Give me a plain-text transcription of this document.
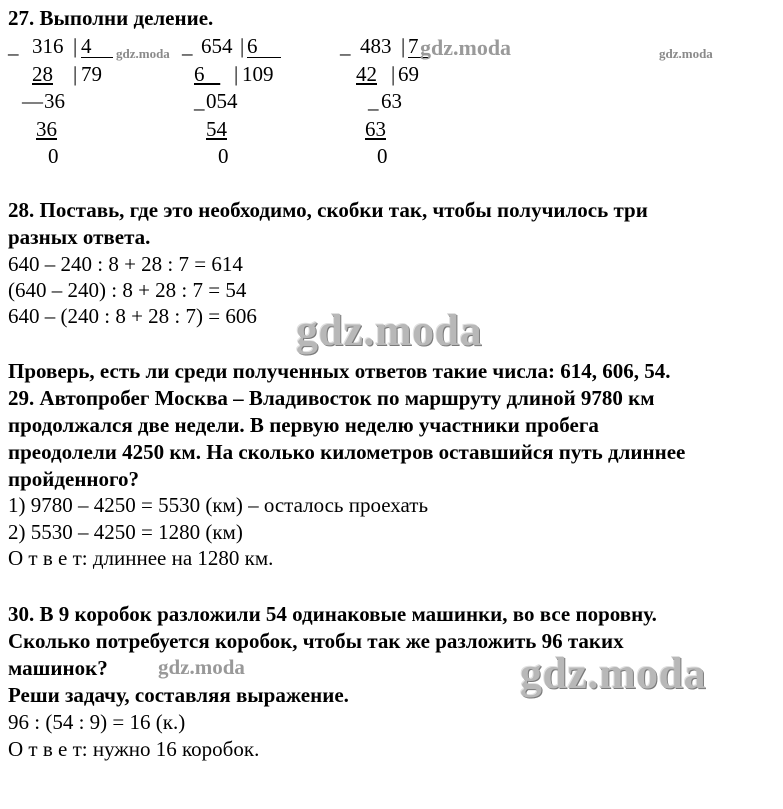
27. Выполни деление.
_ 316 | 4
28 | 79
— 36
36
0
_ 654 | 6
6	| 109
_ 054
54
0
_ 483 | 7
42 | 69
_ 63
63
0
28. Поставь, где это необходимо, скобки так, чтобы получилось три
разных ответа.
640 – 240 : 8 + 28 : 7 = 614
(640 – 240) : 8 + 28 : 7 = 54
640 – (240 : 8 + 28 : 7) = 606
Проверь, есть ли среди полученных ответов такие числа: 614, 606, 54.
29. Автопробег Москва – Владивосток по маршруту длиной 9780 км
продолжался две недели. В первую неделю участники пробега
преодолели 4250 км. На сколько километров оставшийся путь длиннее
пройденного?
1) 9780 – 4250 = 5530 (км) – осталось проехать
2) 5530 – 4250 = 1280 (км)
О т в е т: длиннее на 1280 км.
30. В 9 коробок разложили 54 одинаковые машинки, во все поровну.
Сколько потребуется коробок, чтобы так же разложить 96 таких
машинок?
Реши задачу, составляя выражение.
96 : (54 : 9) = 16 (к.)
О т в е т: нужно 16 коробок.
gdz.moda	gdz.moda	gdz.moda
gdz.moda
gdz.moda	gdz.moda
